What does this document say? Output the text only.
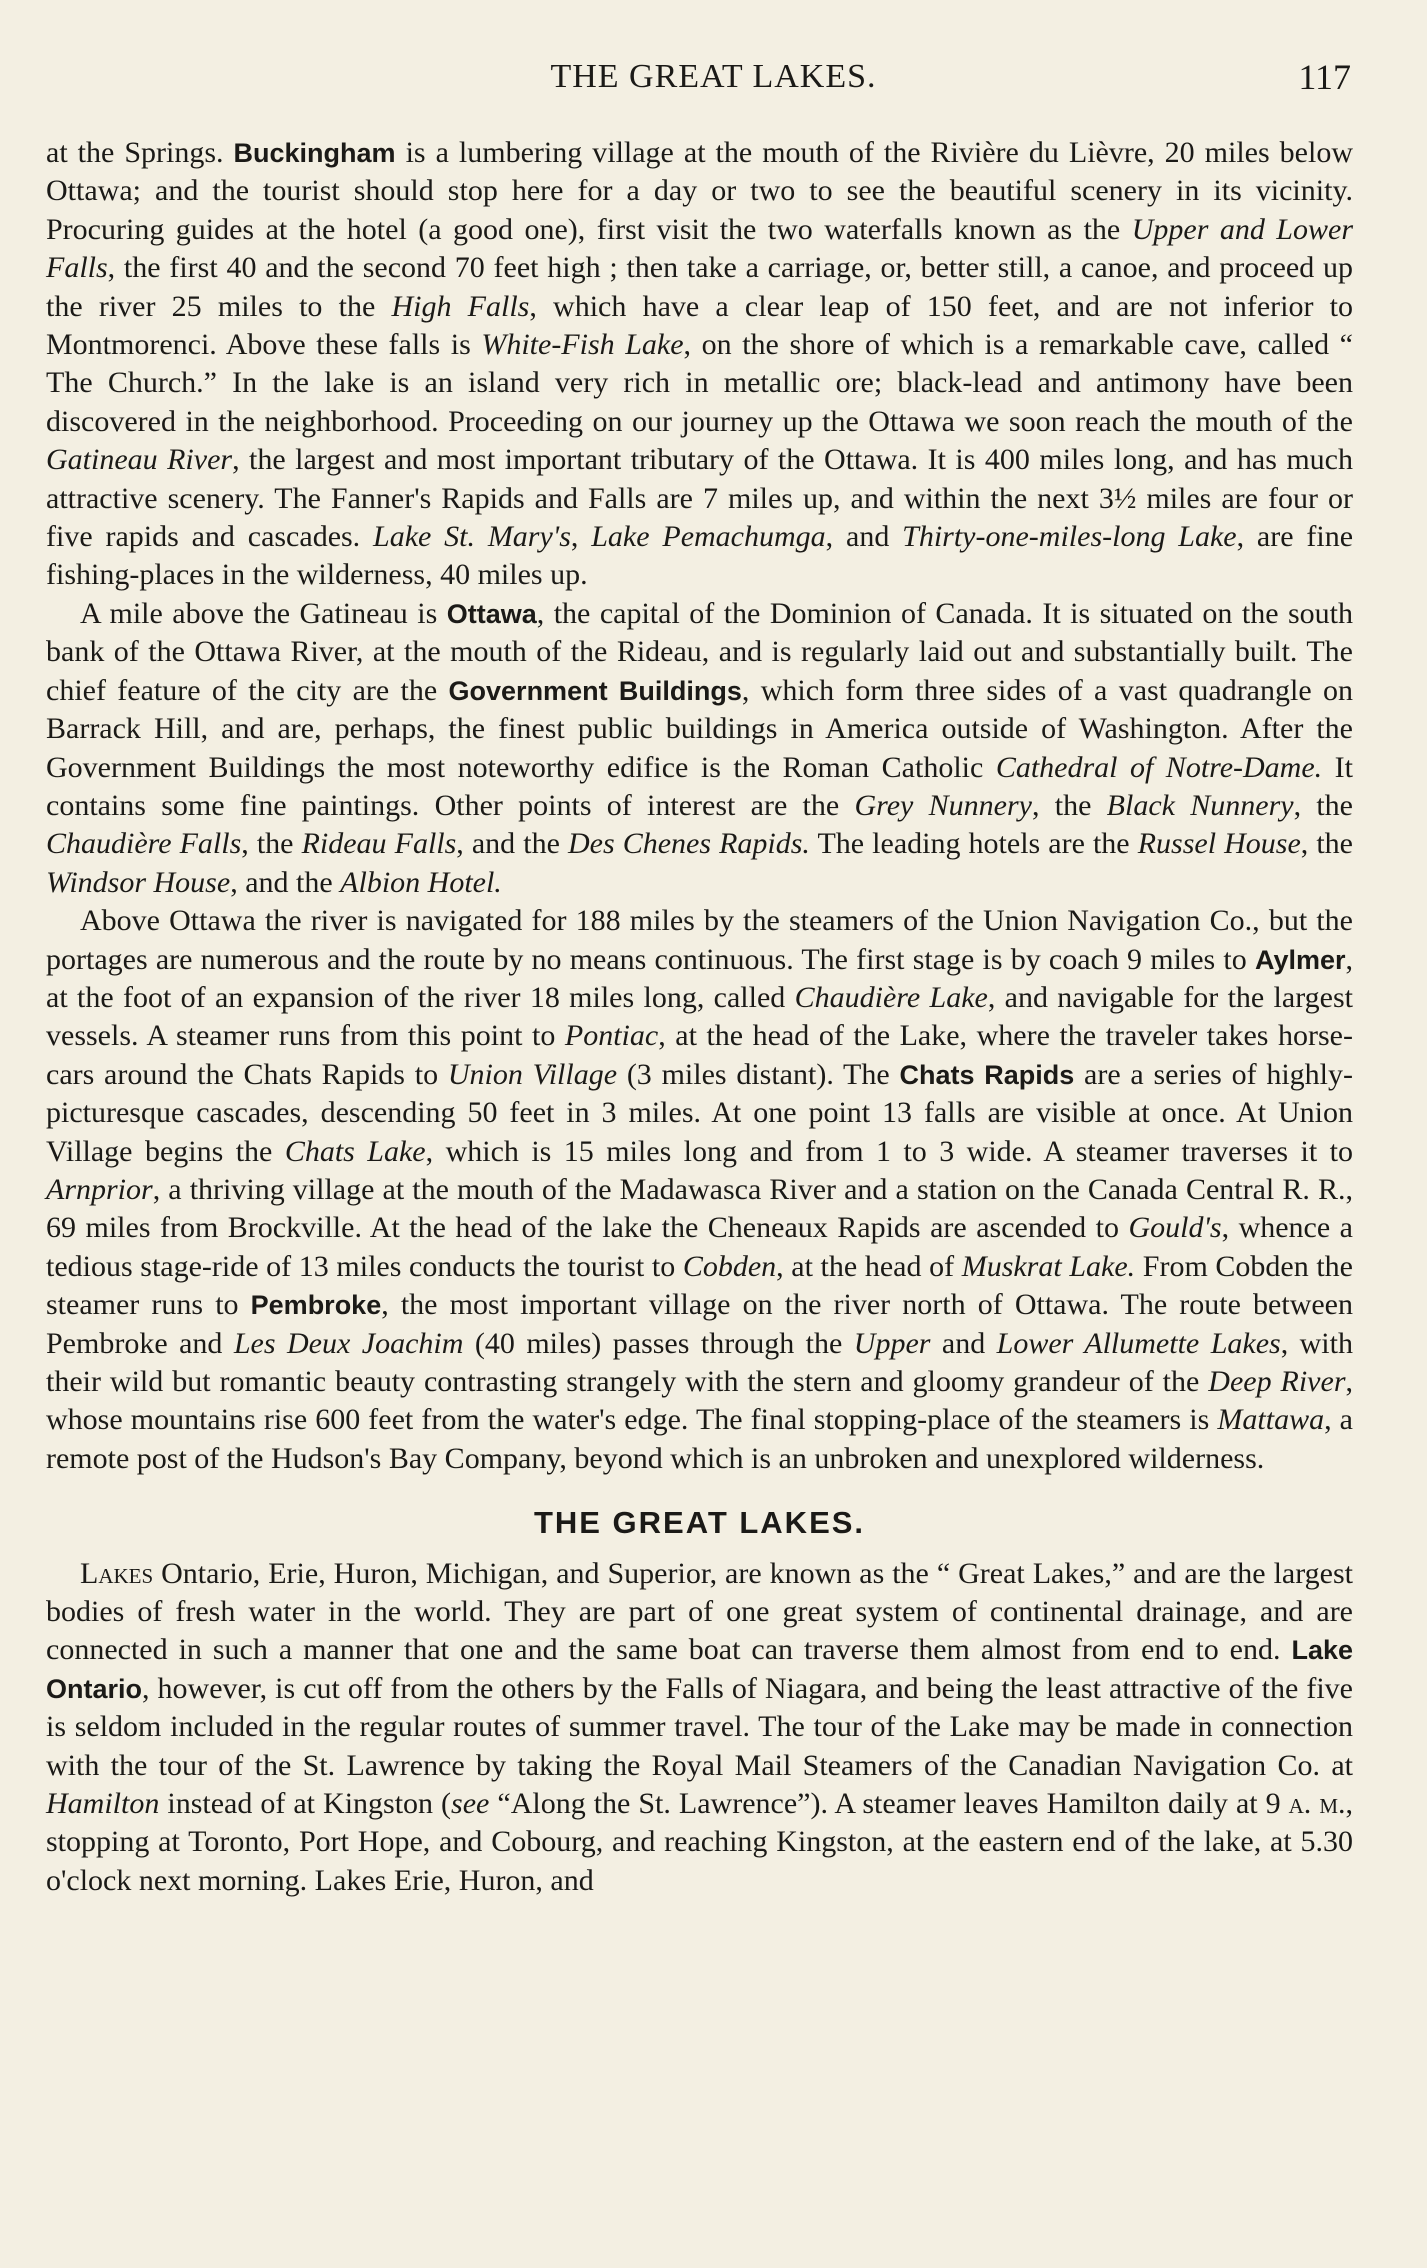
THE GREAT LAKES.	117

at the Springs. Buckingham is a lumbering village at the mouth of the Rivière du Lièvre, 20 miles below Ottawa; and the tourist should stop here for a day or two to see the beautiful scenery in its vicinity. Procuring guides at the hotel (a good one), first visit the two waterfalls known as the Upper and Lower Falls, the first 40 and the second 70 feet high ; then take a carriage, or, better still, a canoe, and proceed up the river 25 miles to the High Falls, which have a clear leap of 150 feet, and are not inferior to Montmorenci. Above these falls is White-Fish Lake, on the shore of which is a remarkable cave, called “ The Church.” In the lake is an island very rich in metallic ore; black-lead and antimony have been discovered in the neighborhood. Proceeding on our journey up the Ottawa we soon reach the mouth of the Gatineau River, the largest and most important tributary of the Ottawa. It is 400 miles long, and has much attractive scenery. The Fanner's Rapids and Falls are 7 miles up, and within the next 3½ miles are four or five rapids and cascades. Lake St. Mary's, Lake Pemachumga, and Thirty-one-miles-long Lake, are fine fishing-places in the wilderness, 40 miles up.

A mile above the Gatineau is Ottawa, the capital of the Dominion of Canada. It is situated on the south bank of the Ottawa River, at the mouth of the Rideau, and is regularly laid out and substantially built. The chief feature of the city are the Government Buildings, which form three sides of a vast quadrangle on Barrack Hill, and are, perhaps, the finest public buildings in America outside of Washington. After the Government Buildings the most noteworthy edifice is the Roman Catholic Cathedral of Notre-Dame. It contains some fine paintings. Other points of interest are the Grey Nunnery, the Black Nunnery, the Chaudière Falls, the Rideau Falls, and the Des Chenes Rapids. The leading hotels are the Russel House, the Windsor House, and the Albion Hotel.

Above Ottawa the river is navigated for 188 miles by the steamers of the Union Navigation Co., but the portages are numerous and the route by no means continuous. The first stage is by coach 9 miles to Aylmer, at the foot of an expansion of the river 18 miles long, called Chaudière Lake, and navigable for the largest vessels. A steamer runs from this point to Pontiac, at the head of the Lake, where the traveler takes horse-cars around the Chats Rapids to Union Village (3 miles distant). The Chats Rapids are a series of highly-picturesque cascades, descending 50 feet in 3 miles. At one point 13 falls are visible at once. At Union Village begins the Chats Lake, which is 15 miles long and from 1 to 3 wide. A steamer traverses it to Arnprior, a thriving village at the mouth of the Madawasca River and a station on the Canada Central R. R., 69 miles from Brockville. At the head of the lake the Cheneaux Rapids are ascended to Gould's, whence a tedious stage-ride of 13 miles conducts the tourist to Cobden, at the head of Muskrat Lake. From Cobden the steamer runs to Pembroke, the most important village on the river north of Ottawa. The route between Pembroke and Les Deux Joachim (40 miles) passes through the Upper and Lower Allumette Lakes, with their wild but romantic beauty contrasting strangely with the stern and gloomy grandeur of the Deep River, whose mountains rise 600 feet from the water's edge. The final stopping-place of the steamers is Mattawa, a remote post of the Hudson's Bay Company, beyond which is an unbroken and unexplored wilderness.

THE GREAT LAKES.

Lakes Ontario, Erie, Huron, Michigan, and Superior, are known as the “ Great Lakes,” and are the largest bodies of fresh water in the world. They are part of one great system of continental drainage, and are connected in such a manner that one and the same boat can traverse them almost from end to end. Lake Ontario, however, is cut off from the others by the Falls of Niagara, and being the least attractive of the five is seldom included in the regular routes of summer travel. The tour of the Lake may be made in connection with the tour of the St. Lawrence by taking the Royal Mail Steamers of the Canadian Navigation Co. at Hamilton instead of at Kingston (see “Along the St. Lawrence”). A steamer leaves Hamilton daily at 9 a. m., stopping at Toronto, Port Hope, and Cobourg, and reaching Kingston, at the eastern end of the lake, at 5.30 o'clock next morning. Lakes Erie, Huron, and
